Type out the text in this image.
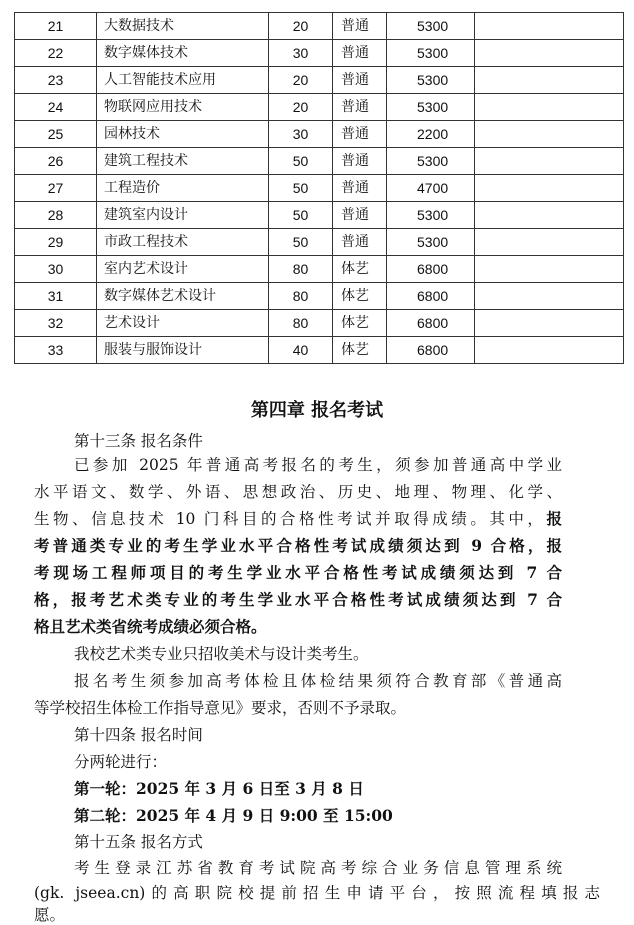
21	大数据技术	20	普通	5300	
22	数字媒体技术	30	普通	5300	
23	人工智能技术应用	20	普通	5300	
24	物联网应用技术	20	普通	5300	
25	园林技术	30	普通	2200	
26	建筑工程技术	50	普通	5300	
27	工程造价	50	普通	4700	
28	建筑室内设计	50	普通	5300	
29	市政工程技术	50	普通	5300	
30	室内艺术设计	80	体艺	6800	
31	数字媒体艺术设计	80	体艺	6800	
32	艺术设计	80	体艺	6800	
33	服装与服饰设计	40	体艺	6800	
第四章 报名考试
第十三条 报名条件
已参加 2025 年普通高考报名的考生，须参加普通高中学业
水平语文、数学、外语、思想政治、历史、地理、物理、化学、
生物、信息技术 10 门科目的合格性考试并取得成绩。其中，报
考普通类专业的考生学业水平合格性考试成绩须达到 9 合格，报
考现场工程师项目的考生学业水平合格性考试成绩须达到 7 合
格，报考艺术类专业的考生学业水平合格性考试成绩须达到 7 合
格且艺术类省统考成绩必须合格。
我校艺术类专业只招收美术与设计类考生。
报名考生须参加高考体检且体检结果须符合教育部《普通高
等学校招生体检工作指导意见》要求，否则不予录取。
第十四条 报名时间
分两轮进行：
第一轮：2025 年 3 月 6 日至 3 月 8 日
第二轮：2025 年 4 月 9 日 9:00 至 15:00
第十五条 报名方式
考生登录江苏省教育考试院高考综合业务信息管理系统
(gk. jseea.cn)的高职院校提前招生申请平台，按照流程填报志
愿。
